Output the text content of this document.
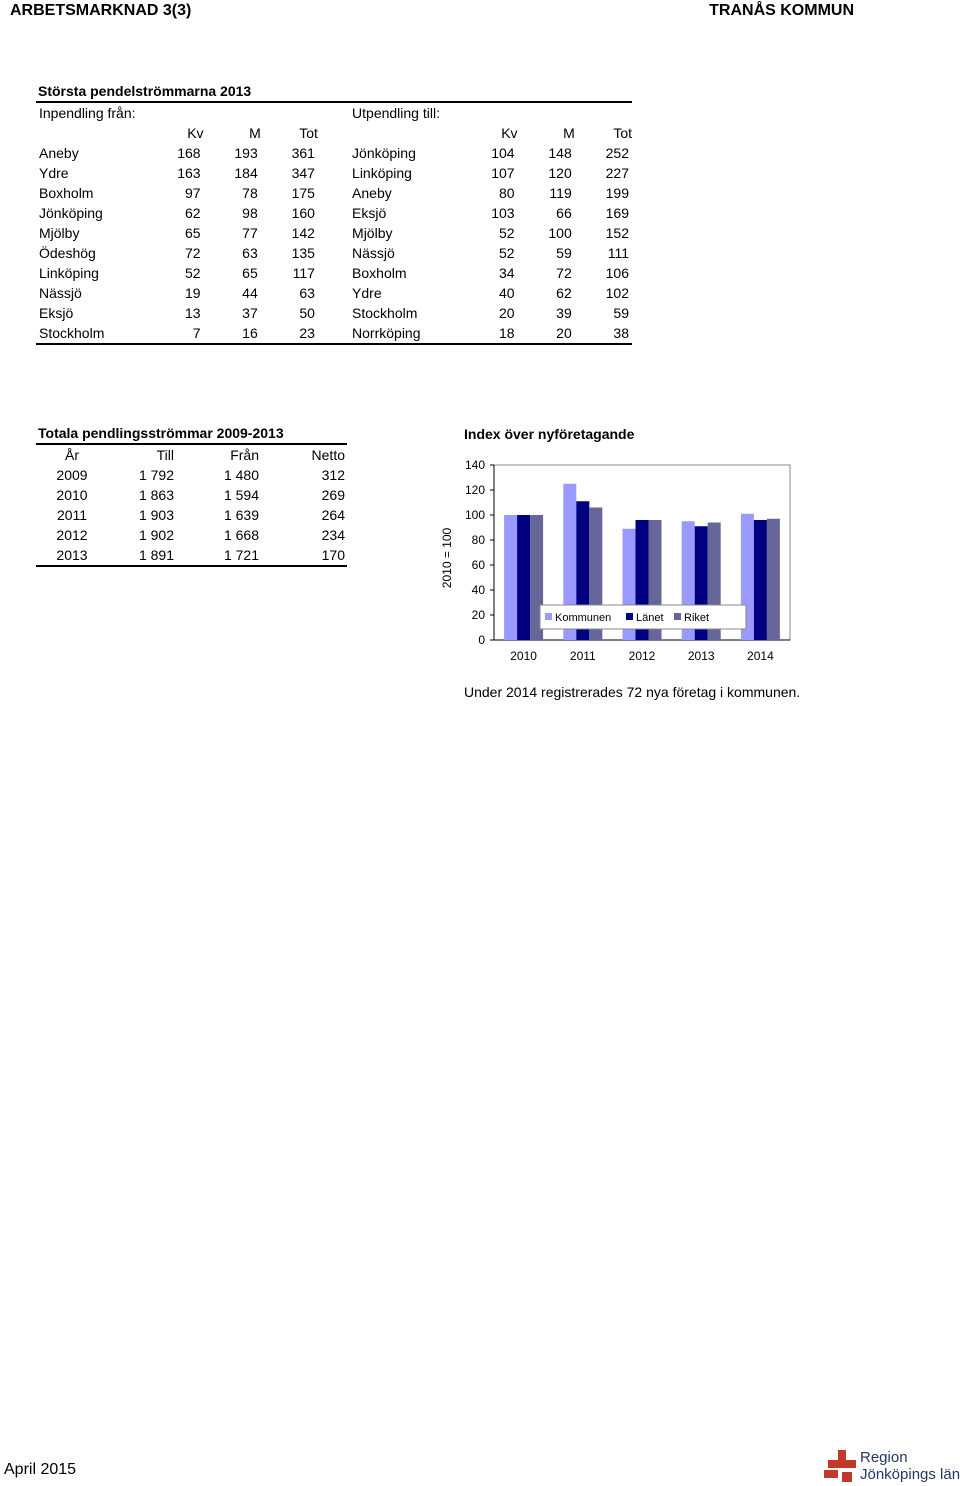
ARBETSMARKNAD 3(3)	TRANÅS KOMMUN
Största pendelströmmarna 2013
Inpendling från:					Utpendling till:			
	Kv	M	Tot			Kv	M	Tot
Aneby	168	193	361		Jönköping	104	148	252
Ydre	163	184	347		Linköping	107	120	227
Boxholm	97	78	175		Aneby	80	119	199
Jönköping	62	98	160		Eksjö	103	66	169
Mjölby	65	77	142		Mjölby	52	100	152
Ödeshög	72	63	135		Nässjö	52	59	111
Linköping	52	65	117		Boxholm	34	72	106
Nässjö	19	44	63		Ydre	40	62	102
Eksjö	13	37	50		Stockholm	20	39	59
Stockholm	7	16	23		Norrköping	18	20	38
Totala pendlingsströmmar 2009-2013
År	Till	Från	Netto
2009	1 792	1 480	312
2010	1 863	1 594	269
2011	1 903	1 639	264
2012	1 902	1 668	234
2013	1 891	1 721	170
Index över nyföretagande
0
20
40
60
80
100
120
140
2010 = 100
2010	2011	2012	2013	2014
Kommunen Länet Riket
Under 2014 registrerades 72 nya företag i kommunen.
April 2015
Region
Jönköpings län
